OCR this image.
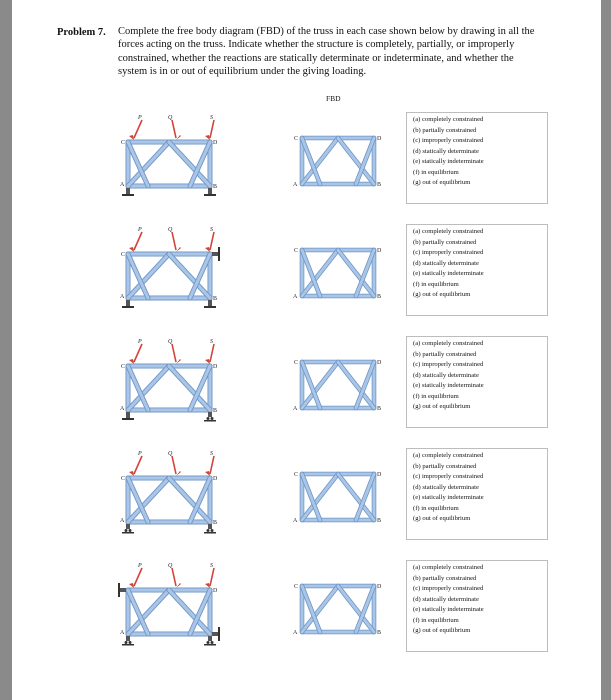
Problem 7. Complete the free body diagram (FBD) of the truss in each case shown below by drawing in all the
forces acting on the truss. Indicate whether the structure is completely, partially, or improperly
constrained, whether the reactions are statically determinate or indeterminate, and whether the
system is in or out of equilibrium under the giving loading.
FBD
C	D
A	B
P	Q	S
C	D
A	B
(a) completely constrained
(b) partially constrained
(c) improperly constrained
(d) statically determinate
(e) statically indeterminate
(f) in equilibrium
(g) out of equilibrium
C
A	B
P	Q	S
C	D
A	B
(a) completely constrained
(b) partially constrained
(c) improperly constrained
(d) statically determinate
(e) statically indeterminate
(f) in equilibrium
(g) out of equilibrium
C	D
A	B
P	Q	S
C	D
A	B
(a) completely constrained
(b) partially constrained
(c) improperly constrained
(d) statically determinate
(e) statically indeterminate
(f) in equilibrium
(g) out of equilibrium
C	D
A	B
P	Q	S
C	D
A	B
(a) completely constrained
(b) partially constrained
(c) improperly constrained
(d) statically determinate
(e) statically indeterminate
(f) in equilibrium
(g) out of equilibrium
D
A
P	Q	S
C	D
A	B
(a) completely constrained
(b) partially constrained
(c) improperly constrained
(d) statically determinate
(e) statically indeterminate
(f) in equilibrium
(g) out of equilibrium
